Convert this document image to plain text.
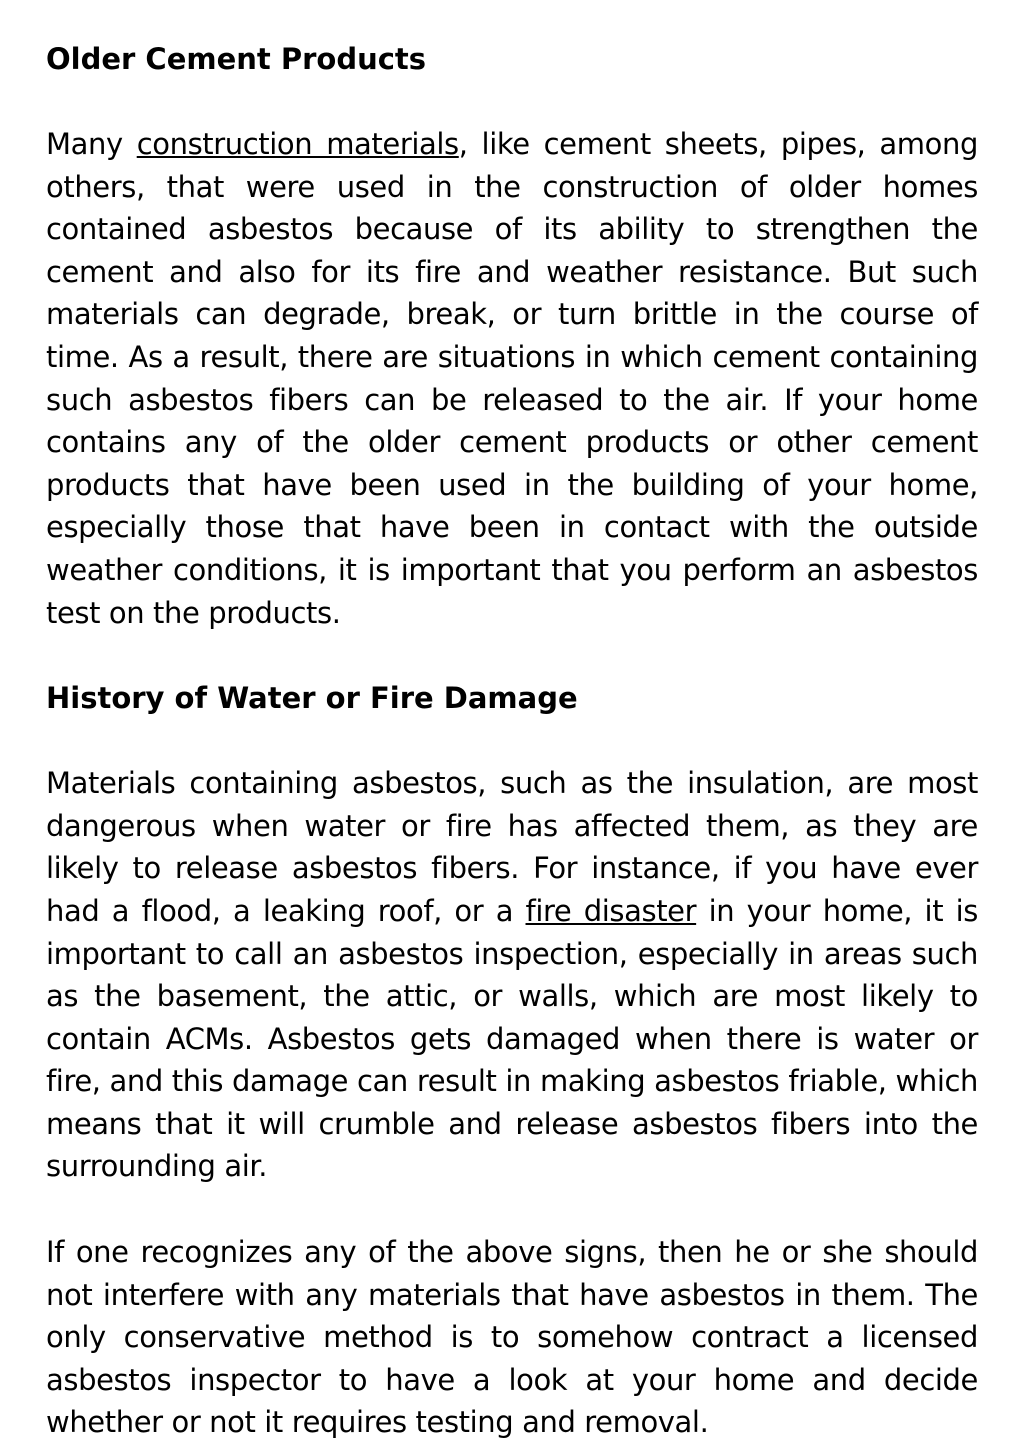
Older Cement Products

Many construction materials, like cement sheets, pipes, among others, that were used in the construction of older homes contained asbestos because of its ability to strengthen the cement and also for its fire and weather resistance. But such materials can degrade, break, or turn brittle in the course of time. As a result, there are situations in which cement containing such asbestos fibers can be released to the air. If your home contains any of the older cement products or other cement products that have been used in the building of your home, especially those that have been in contact with the outside weather conditions, it is important that you perform an asbestos test on the products.

History of Water or Fire Damage

Materials containing asbestos, such as the insulation, are most dangerous when water or fire has affected them, as they are likely to release asbestos fibers. For instance, if you have ever had a flood, a leaking roof, or a fire disaster in your home, it is important to call an asbestos inspection, especially in areas such as the basement, the attic, or walls, which are most likely to contain ACMs. Asbestos gets damaged when there is water or fire, and this damage can result in making asbestos friable, which means that it will crumble and release asbestos fibers into the surrounding air.

If one recognizes any of the above signs, then he or she should not interfere with any materials that have asbestos in them. The only conservative method is to somehow contract a licensed asbestos inspector to have a look at your home and decide whether or not it requires testing and removal.
